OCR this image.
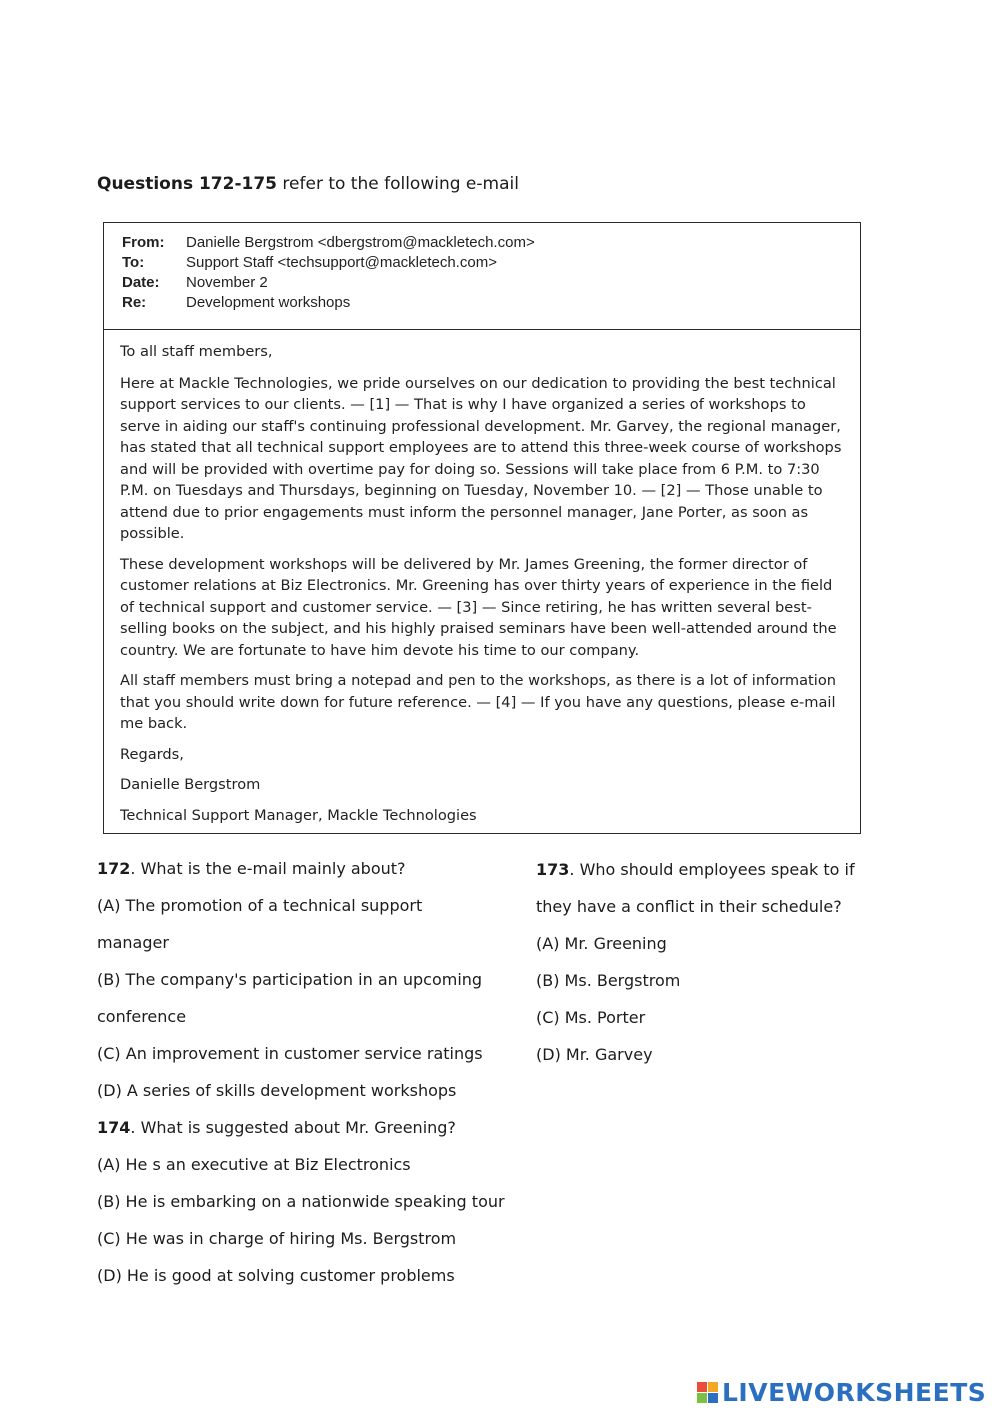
Questions 172-175 refer to the following e-mail
From: Danielle Bergstrom <dbergstrom@mackletech.com>
To:	Support Staff <techsupport@mackletech.com>
Date: November 2
Re:	Development workshops

To all staff members,

Here at Mackle Technologies, we pride ourselves on our dedication to providing the best technical support services to our clients. — [1] — That is why I have organized a series of workshops to serve in aiding our staff's continuing professional development. Mr. Garvey, the regional manager, has stated that all technical support employees are to attend this three-week course of workshops and will be provided with overtime pay for doing so. Sessions will take place from 6 P.M. to 7:30 P.M. on Tuesdays and Thursdays, beginning on Tuesday, November 10. — [2] — Those unable to attend due to prior engagements must inform the personnel manager, Jane Porter, as soon as possible.

These development workshops will be delivered by Mr. James Greening, the former director of customer relations at Biz Electronics. Mr. Greening has over thirty years of experience in the field of technical support and customer service. — [3] — Since retiring, he has written several best-selling books on the subject, and his highly praised seminars have been well-attended around the country. We are fortunate to have him devote his time to our company.

All staff members must bring a notepad and pen to the workshops, as there is a lot of information that you should write down for future reference. — [4] — If you have any questions, please e-mail me back.

Regards,

Danielle Bergstrom

Technical Support Manager, Mackle Technologies

172. What is the e-mail mainly about?
(A) The promotion of a technical support
manager
(B) The company's participation in an upcoming
conference
(C) An improvement in customer service ratings
(D) A series of skills development workshops
174. What is suggested about Mr. Greening?
(A) He s an executive at Biz Electronics
(B) He is embarking on a nationwide speaking tour
(C) He was in charge of hiring Ms. Bergstrom
(D) He is good at solving customer problems
173. Who should employees speak to if
they have a conflict in their schedule?
(A) Mr. Greening
(B) Ms. Bergstrom
(C) Ms. Porter
(D) Mr. Garvey
LIVEWORKSHEETS
